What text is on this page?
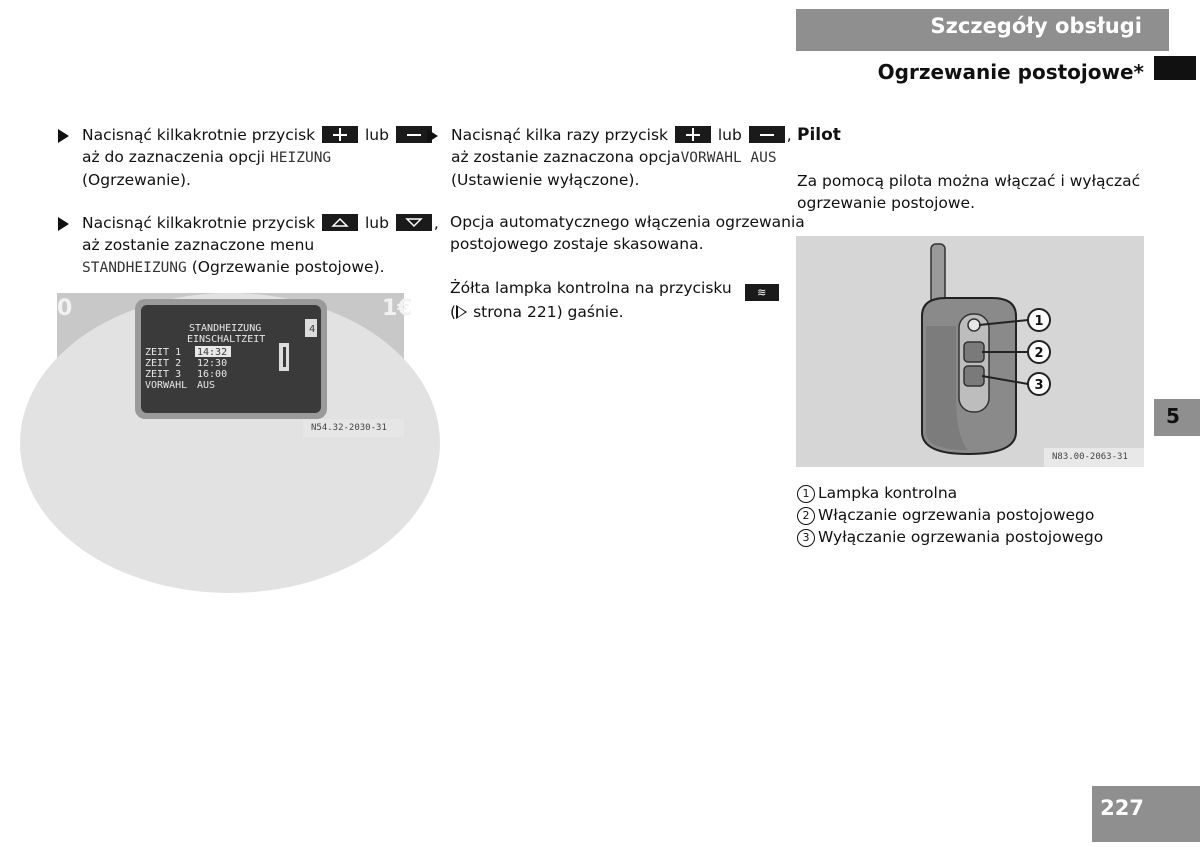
Szczegóły obsługi
Ogrzewanie postojowe*
Nacisnąć kilkakrotnie przycisk	lub
aż do zaznaczenia opcji HEIZUNG
(Ogrzewanie).
Nacisnąć kilkakrotnie przycisk	lub	,
aż zostanie zaznaczone menu
STANDHEIZUNG (Ogrzewanie postojowe).
STANDHEIZUNG
EINSCHALTZEIT
ZEIT 1 14:32
ZEIT 2 12:30
ZEIT 3 16:00
VORWAHL AUS
4
0	1€
N54.32-2030-31
Nacisnąć kilka razy przycisk	lub	,
aż zostanie zaznaczona opcjaVORWAHL AUS
(Ustawienie wyłączone).
Opcja automatycznego włączenia ogrzewania
postojowego zostaje skasowana.
Żółta lampka kontrolna na przycisku ≋
( strona 221) gaśnie.
Pilot
Za pomocą pilota można włączać i wyłączać
ogrzewanie postojowe.
1
2
3
N83.00-2063-31
1 Lampka kontrolna
2 Włączanie ogrzewania postojowego
3 Wyłączanie ogrzewania postojowego
5
227
